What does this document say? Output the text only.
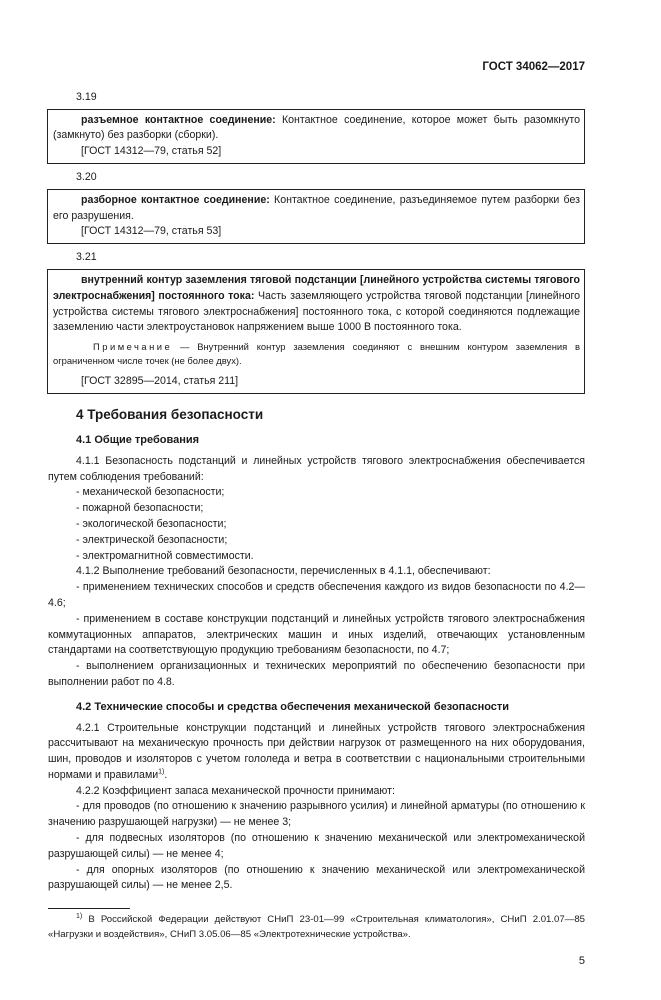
ГОСТ 34062—2017
3.19

разъемное контактное соединение: Контактное соединение, которое может быть разомкнуто (замкнуто) без разборки (сборки).

[ГОСТ 14312—79, статья 52]
3.20

разборное контактное соединение: Контактное соединение, разъединяемое путем разборки без его разрушения.

[ГОСТ 14312—79, статья 53]
3.21

внутренний контур заземления тяговой подстанции [линейного устройства системы тягового электроснабжения] постоянного тока: Часть заземляющего устройства тяговой подстанции [линейного устройства системы тягового электроснабжения] постоянного тока, с которой соединяются подлежащие заземлению части электроустановок напряжением выше 1000 В постоянного тока.

Примечание — Внутренний контур заземления соединяют с внешним контуром заземления в ограниченном числе точек (не более двух).

[ГОСТ 32895—2014, статья 211]
4 Требования безопасности
4.1 Общие требования

4.1.1 Безопасность подстанций и линейных устройств тягового электроснабжения обеспечивается путем соблюдения требований:

- механической безопасности;

- пожарной безопасности;

- экологической безопасности;

- электрической безопасности;

- электромагнитной совместимости.

4.1.2 Выполнение требований безопасности, перечисленных в 4.1.1, обеспечивают:

- применением технических способов и средств обеспечения каждого из видов безопасности по 4.2—4.6;

- применением в составе конструкции подстанций и линейных устройств тягового электроснабжения коммутационных аппаратов, электрических машин и иных изделий, отвечающих установленным стандартами на соответствующую продукцию требованиям безопасности, по 4.7;

- выполнением организационных и технических мероприятий по обеспечению безопасности при выполнении работ по 4.8.

4.2 Технические способы и средства обеспечения механической безопасности

4.2.1 Строительные конструкции подстанций и линейных устройств тягового электроснабжения рассчитывают на механическую прочность при действии нагрузок от размещенного на них оборудования, шин, проводов и изоляторов с учетом гололеда и ветра в соответствии с национальными строительными нормами и правилами$^{1)}$.

4.2.2 Коэффициент запаса механической прочности принимают:

- для проводов (по отношению к значению разрывного усилия) и линейной арматуры (по отношению к значению разрушающей нагрузки) — не менее 3;

- для подвесных изоляторов (по отношению к значению механической или электромеханической разрушающей силы) — не менее 4;

- для опорных изоляторов (по отношению к значению механической или электромеханической разрушающей силы) — не менее 2,5.

$^{1)}$ В Российской Федерации действуют СНиП 23-01—99 «Строительная климатология», СНиП 2.01.07—85 «Нагрузки и воздействия», СНиП 3.05.06—85 «Электротехнические устройства».

5
